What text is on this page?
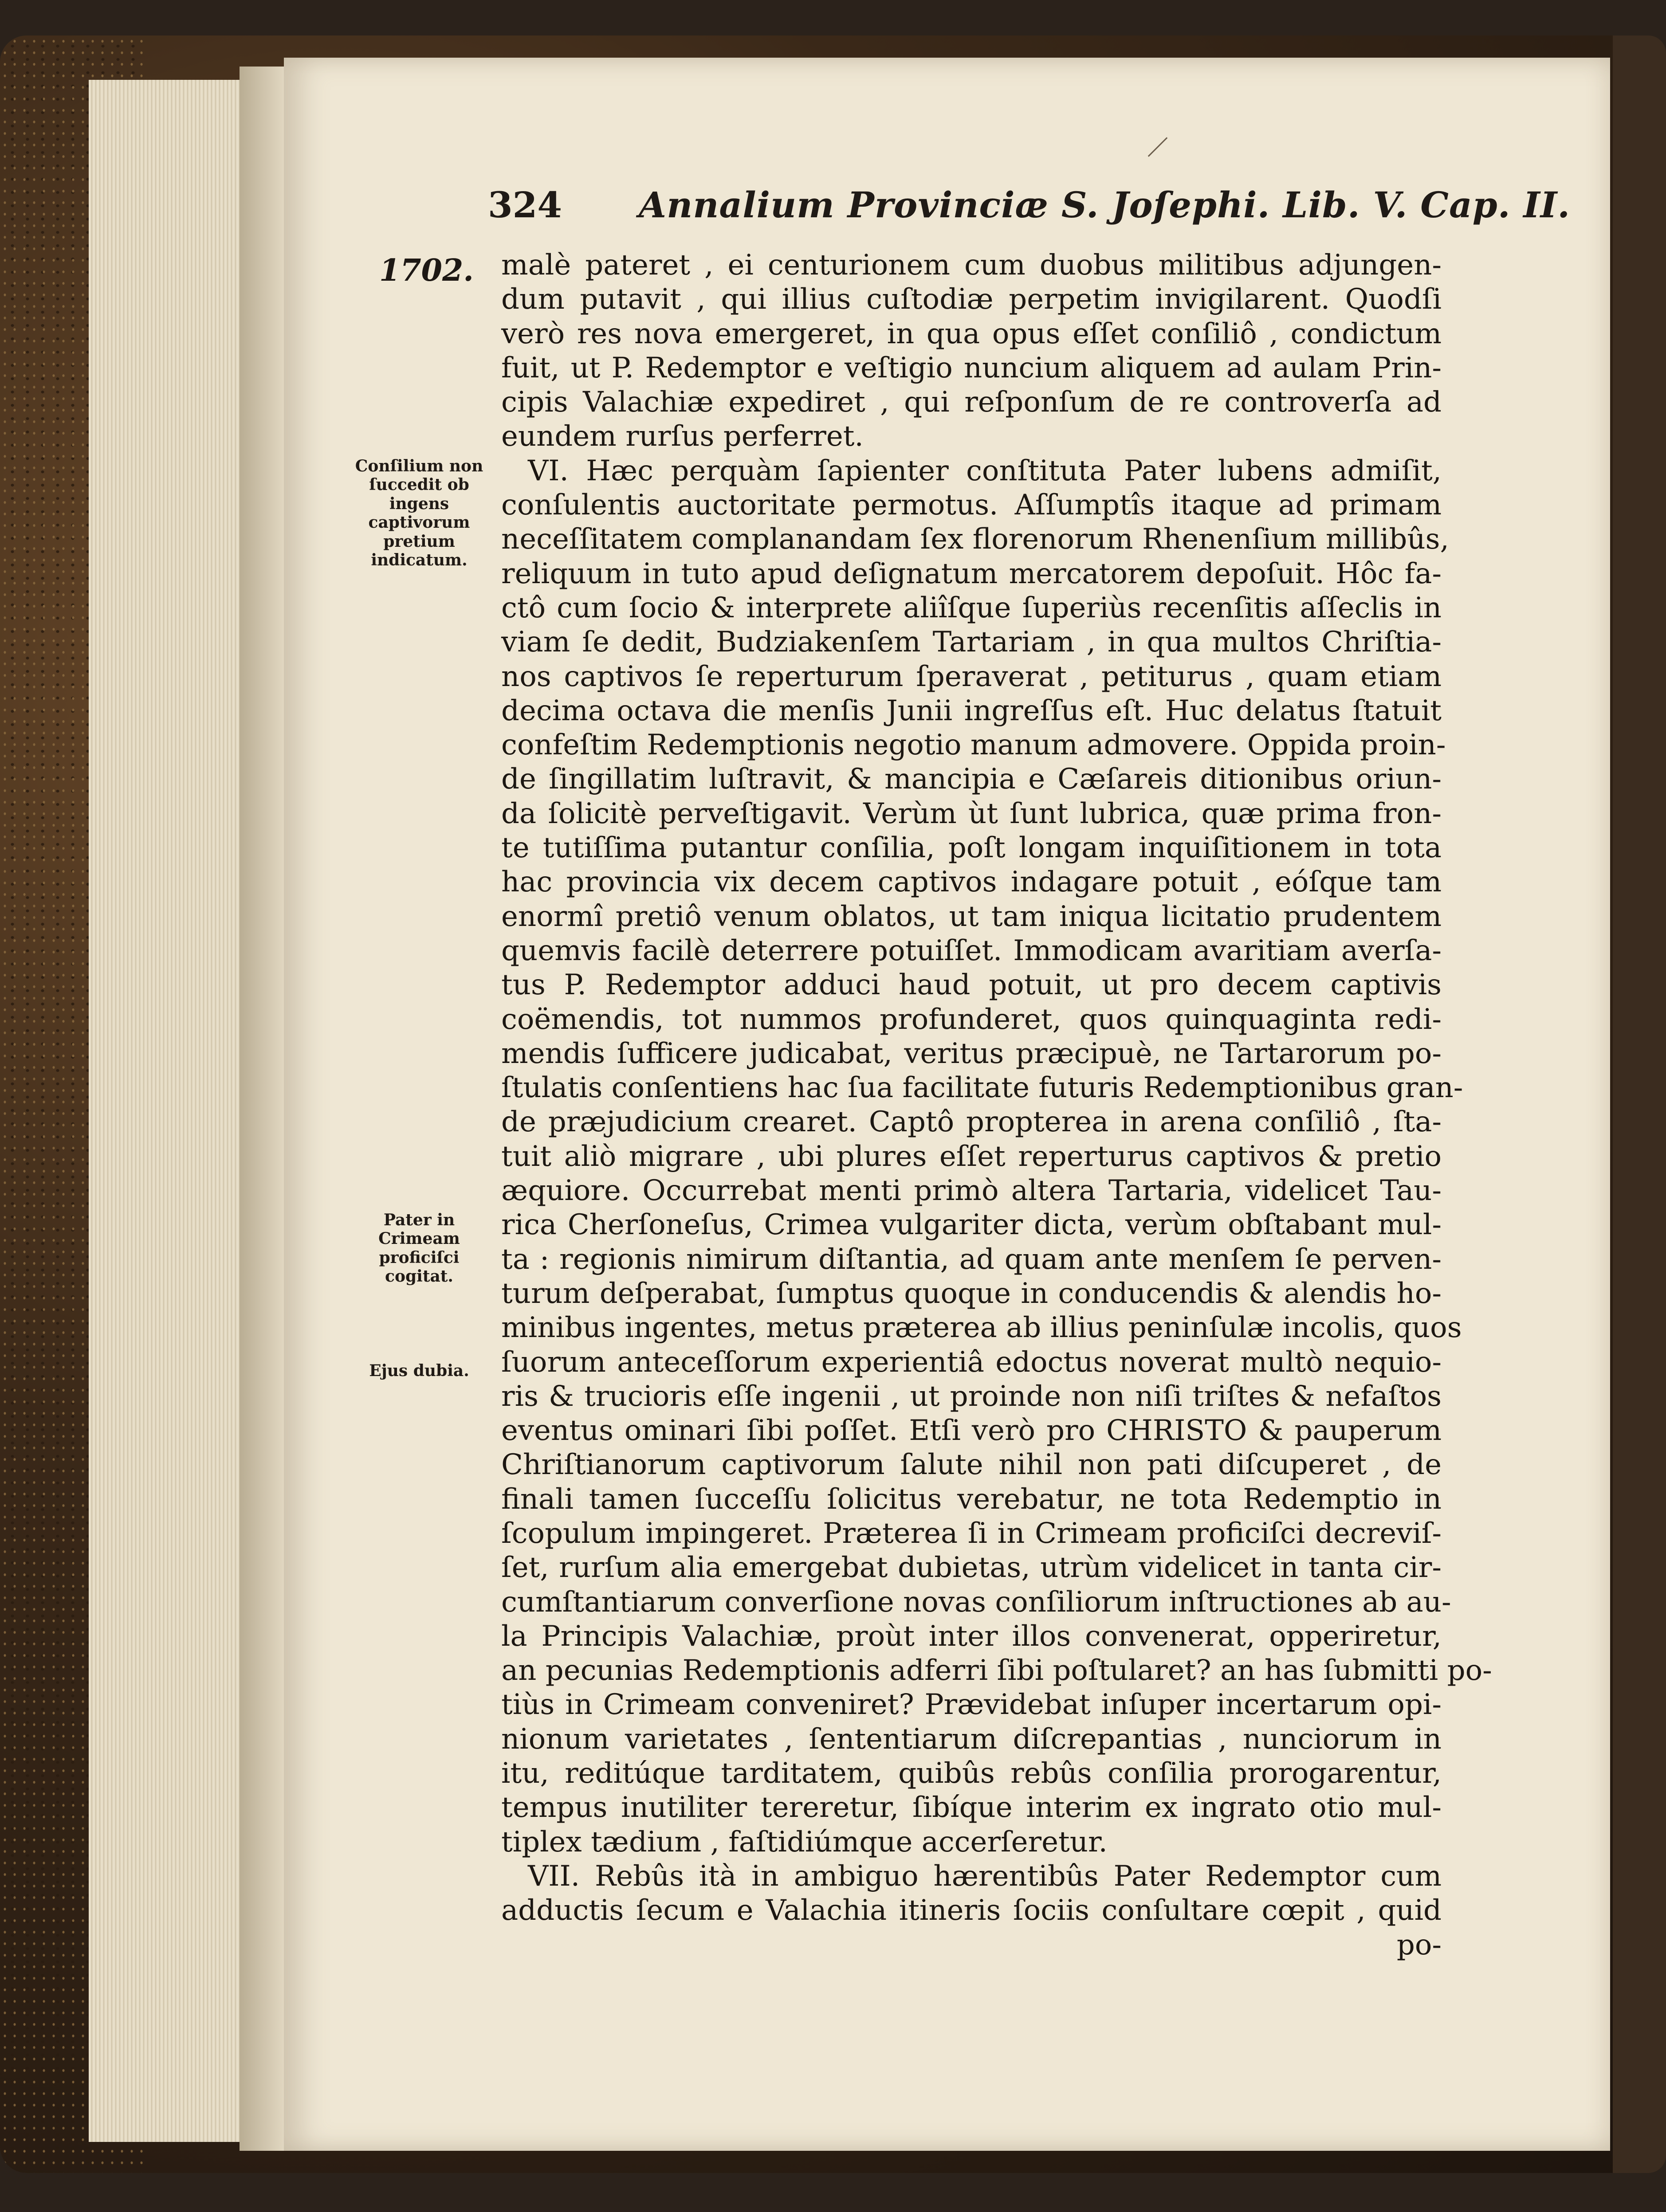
324 Annalium Provinciæ S. Joſephi. Lib. V. Cap. II.
1702.
Conſilium non ſuccedit ob ingens captivorum pretium indicatum.
Pater in Crimeam proficiſci cogitat.
Ejus dubia.
malè pateret , ei centurionem cum duobus militibus adjungen-
dum putavit , qui illius cuſtodiæ perpetim invigilarent. Quodſi
verò res nova emergeret, in qua opus eſſet conſiliô , condictum
fuit, ut P. Redemptor e veſtigio nuncium aliquem ad aulam Prin-
cipis Valachiæ expediret , qui reſponſum de re controverſa ad
eundem rurſus perferret.
VI. Hæc perquàm ſapienter conſtituta Pater lubens admiſit,
conſulentis auctoritate permotus. Aſſumptîs itaque ad primam
neceſſitatem complanandam ſex florenorum Rhenenſium millibûs,
reliquum in tuto apud deſignatum mercatorem depoſuit. Hôc fa-
ctô cum ſocio & interprete aliîſque ſuperiùs recenſitis aſſeclis in
viam ſe dedit, Budziakenſem Tartariam , in qua multos Chriſtia-
nos captivos ſe reperturum ſperaverat , petiturus , quam etiam
decima octava die menſis Junii ingreſſus eſt. Huc delatus ſtatuit
confeſtim Redemptionis negotio manum admovere. Oppida proin-
de ſingillatim luſtravit, & mancipia e Cæſareis ditionibus oriun-
da ſolicitè perveſtigavit. Verùm ùt ſunt lubrica, quæ prima fron-
te tutiſſima putantur conſilia, poſt longam inquiſitionem in tota
hac provincia vix decem captivos indagare potuit , eóſque tam
enormî pretiô venum oblatos, ut tam iniqua licitatio prudentem
quemvis facilè deterrere potuiſſet. Immodicam avaritiam averſa-
tus P. Redemptor adduci haud potuit, ut pro decem captivis
coëmendis, tot nummos profunderet, quos quinquaginta redi-
mendis ſufficere judicabat, veritus præcipuè, ne Tartarorum po-
ſtulatis conſentiens hac ſua facilitate futuris Redemptionibus gran-
de præjudicium crearet. Captô propterea in arena conſiliô , ſta-
tuit aliò migrare , ubi plures eſſet reperturus captivos & pretio
æquiore. Occurrebat menti primò altera Tartaria, videlicet Tau-
rica Cherſoneſus, Crimea vulgariter dicta, verùm obſtabant mul-
ta : regionis nimirum diſtantia, ad quam ante menſem ſe perven-
turum deſperabat, ſumptus quoque in conducendis & alendis ho-
minibus ingentes, metus præterea ab illius peninſulæ incolis, quos
ſuorum anteceſſorum experientiâ edoctus noverat multò nequio-
ris & trucioris eſſe ingenii , ut proinde non niſi triſtes & nefaſtos
eventus ominari ſibi poſſet. Etſi verò pro CHRISTO & pauperum
Chriſtianorum captivorum ſalute nihil non pati diſcuperet , de
finali tamen ſucceſſu ſolicitus verebatur, ne tota Redemptio in
ſcopulum impingeret. Præterea ſi in Crimeam proficiſci decreviſ-
ſet, rurſum alia emergebat dubietas, utrùm videlicet in tanta cir-
cumſtantiarum converſione novas conſiliorum inſtructiones ab au-
la Principis Valachiæ, proùt inter illos convenerat, opperiretur,
an pecunias Redemptionis adferri ſibi poſtularet? an has ſubmitti po-
tiùs in Crimeam conveniret? Prævidebat inſuper incertarum opi-
nionum varietates , ſententiarum diſcrepantias , nunciorum in
itu, reditúque tarditatem, quibûs rebûs conſilia prorogarentur,
tempus inutiliter tereretur, ſibíque interim ex ingrato otio mul-
tiplex tædium , faſtidiúmque accerſeretur.
VII. Rebûs ità in ambiguo hærentibûs Pater Redemptor cum
adductis ſecum e Valachia itineris ſociis conſultare cœpit , quid
po-
